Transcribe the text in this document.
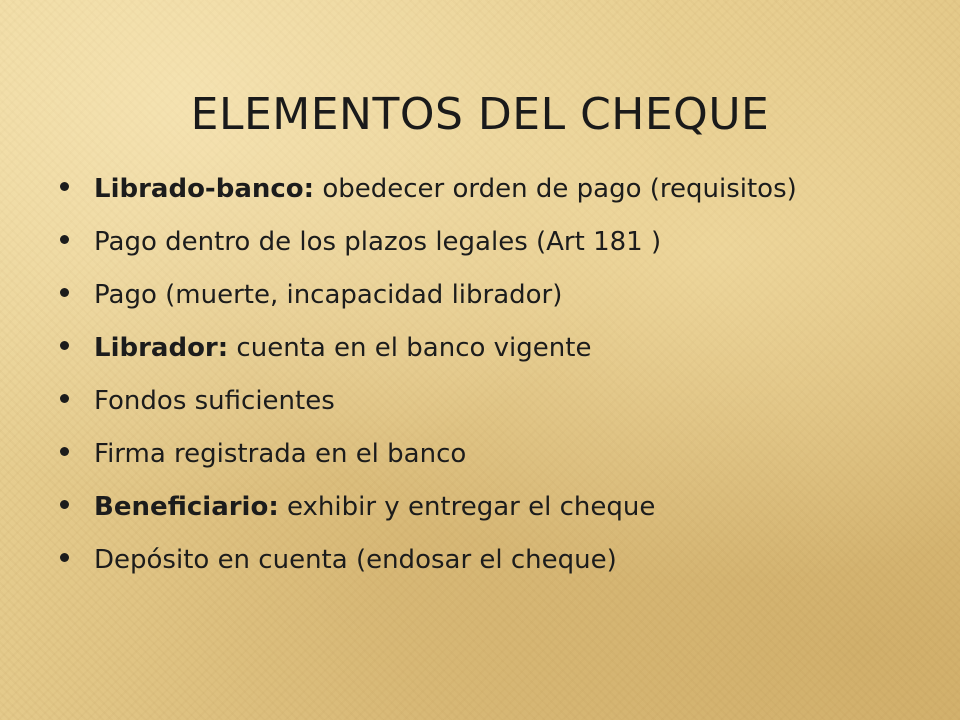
ELEMENTOS DEL CHEQUE
Librado-banco: obedecer orden de pago (requisitos)
Pago dentro de los plazos legales (Art 181 )
Pago (muerte, incapacidad librador)
Librador: cuenta en el banco vigente
Fondos suficientes
Firma registrada en el banco
Beneficiario: exhibir y entregar el cheque
Depósito en cuenta (endosar el cheque)
